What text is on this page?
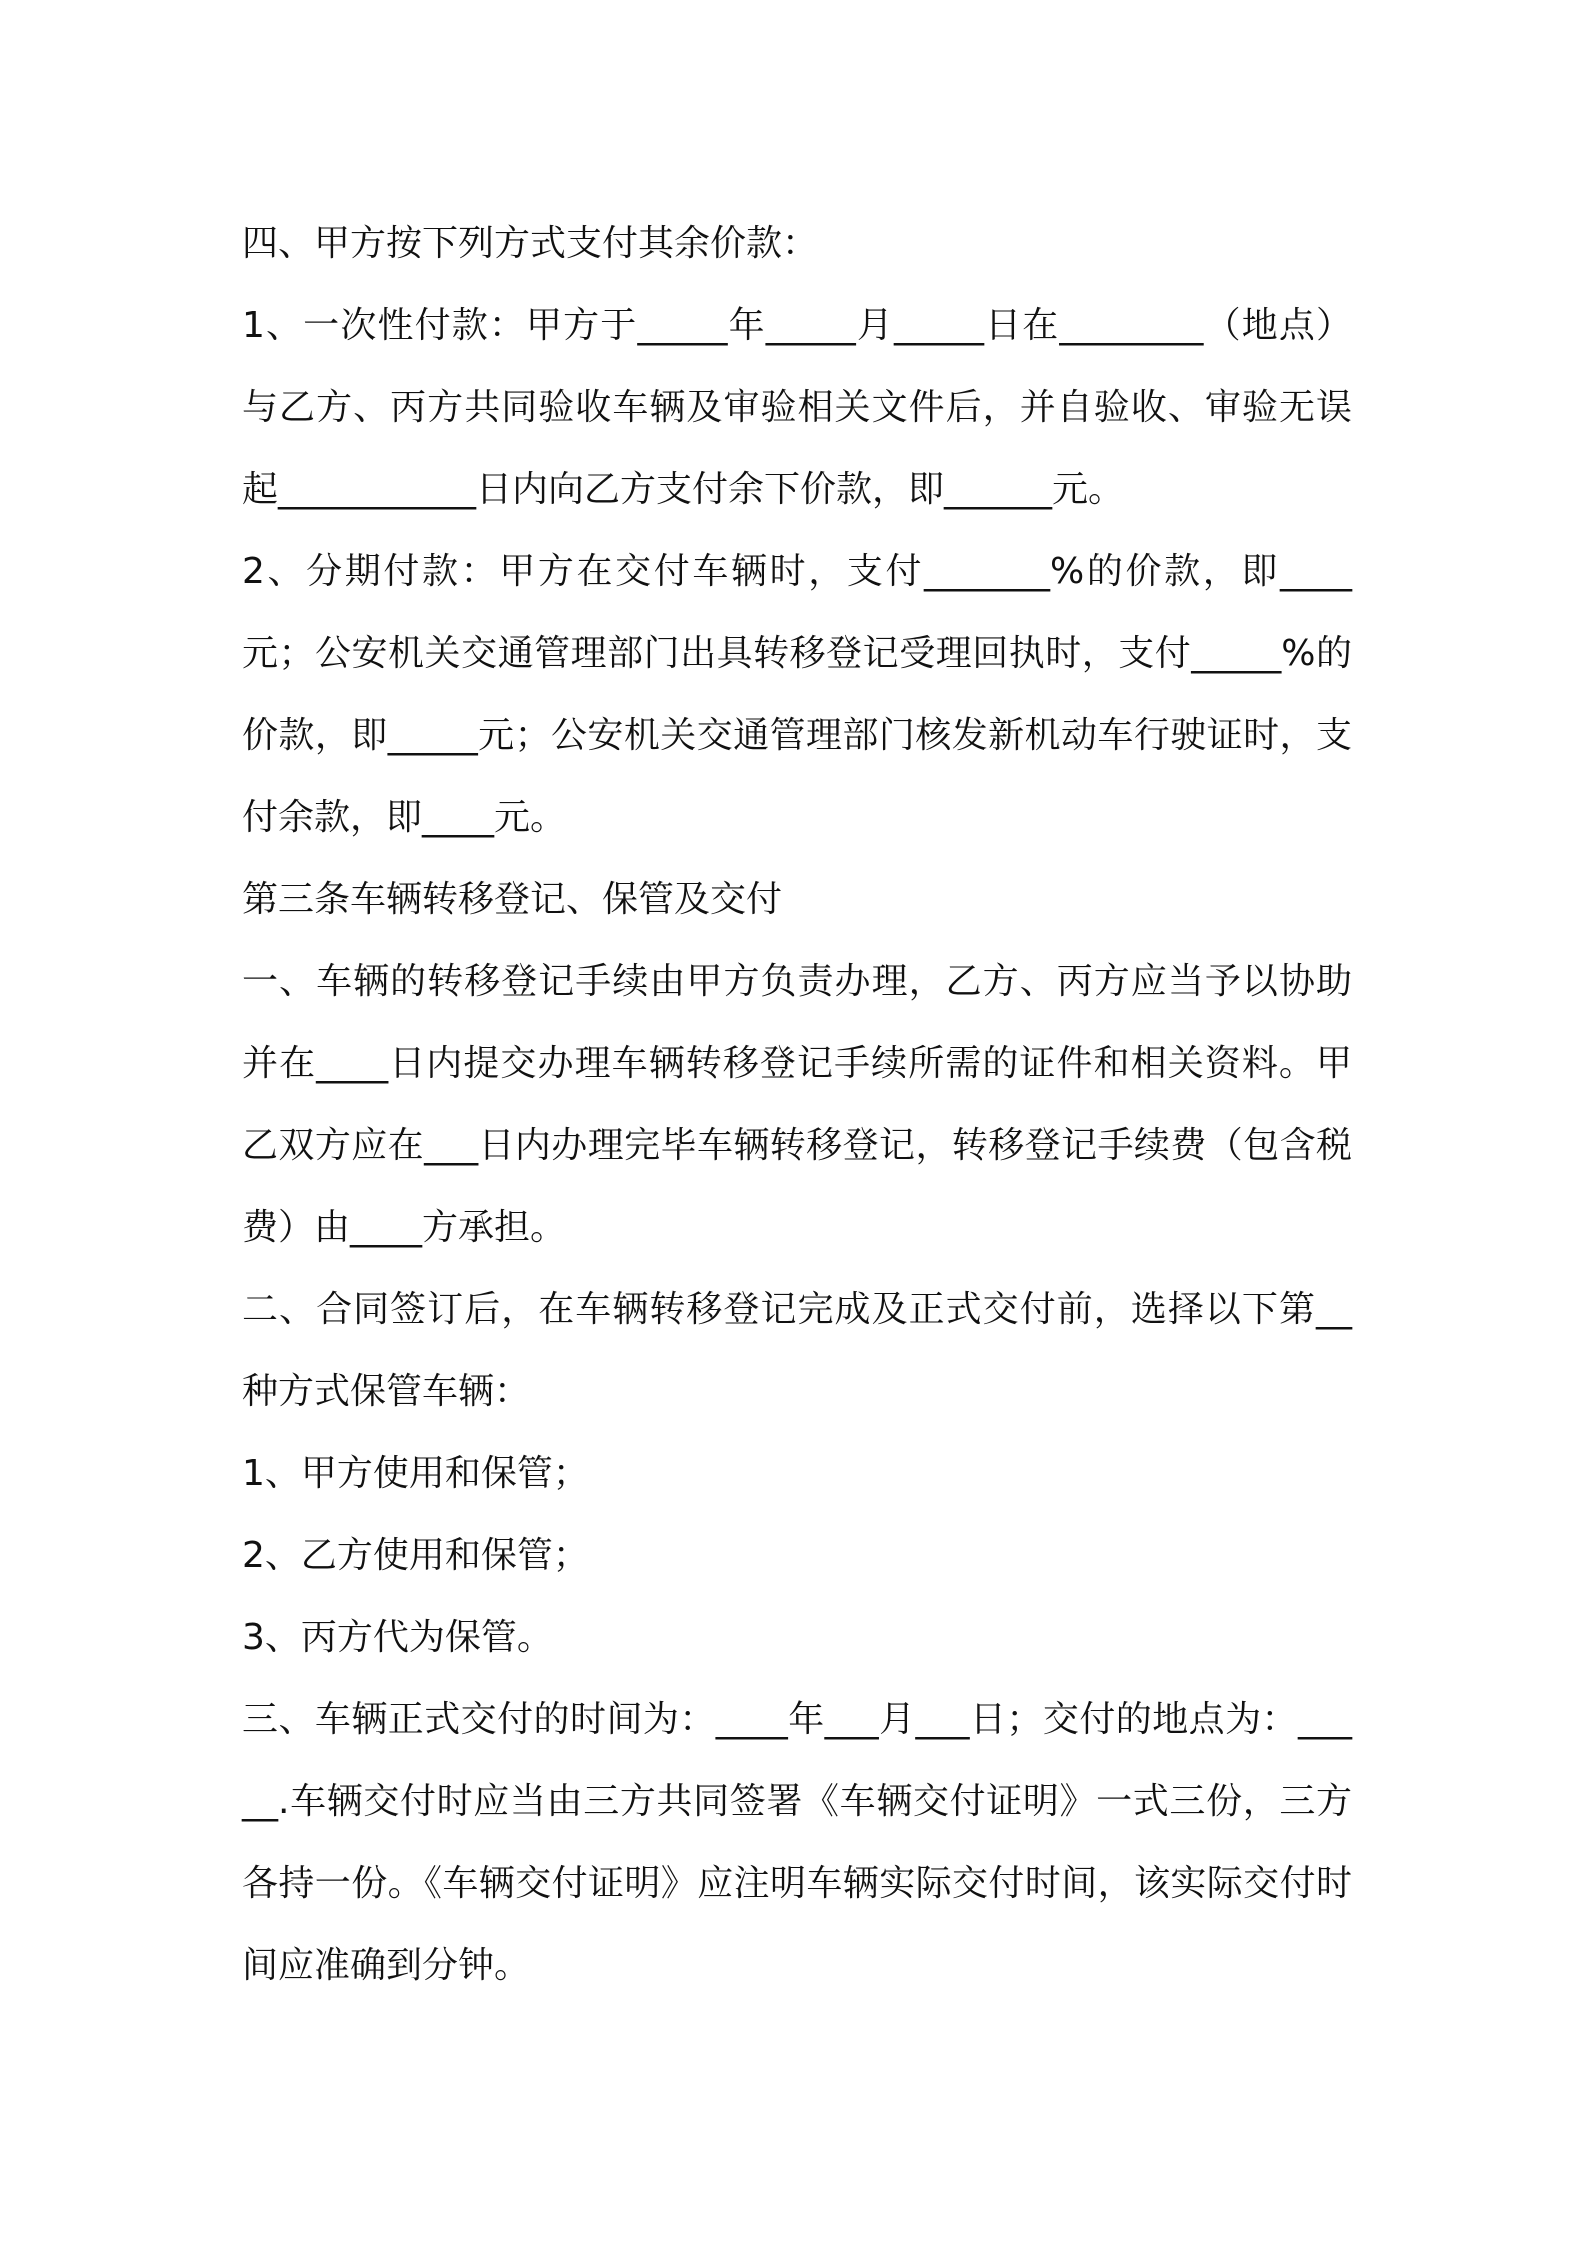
四、甲方按下列方式支付其余价款：

1、一次性付款：甲方于_____年_____月_____日在________（地点）与乙方、丙方共同验收车辆及审验相关文件后，并自验收、审验无误起___________日内向乙方支付余下价款，即______元。

2、分期付款：甲方在交付车辆时，支付_______%的价款，即____元；公安机关交通管理部门出具转移登记受理回执时，支付_____%的价款，即_____元；公安机关交通管理部门核发新机动车行驶证时，支付余款，即____元。

第三条车辆转移登记、保管及交付

一、车辆的转移登记手续由甲方负责办理，乙方、丙方应当予以协助并在____日内提交办理车辆转移登记手续所需的证件和相关资料。甲乙双方应在___日内办理完毕车辆转移登记，转移登记手续费（包含税费）由____方承担。

二、合同签订后，在车辆转移登记完成及正式交付前，选择以下第__种方式保管车辆：

1、甲方使用和保管；

2、乙方使用和保管；

3、丙方代为保管。

三、车辆正式交付的时间为：____年___月___日；交付的地点为：_____.车辆交付时应当由三方共同签署《车辆交付证明》一式三份，三方各持一份。《车辆交付证明》应注明车辆实际交付时间，该实际交付时间应准确到分钟。
